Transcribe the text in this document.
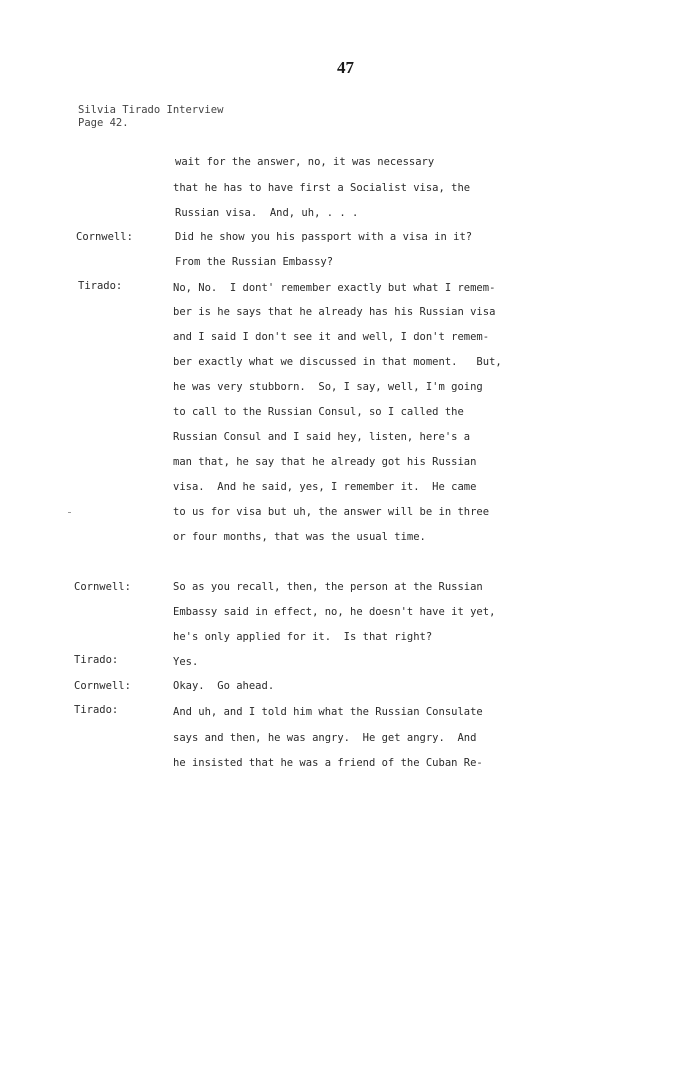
47
Silvia Tirado Interview
Page 42.
wait for the answer, no, it was necessary
that he has to have first a Socialist visa, the
Russian visa.  And, uh, . . .
Cornwell:	Did he show you his passport with a visa in it?
From the Russian Embassy?
Tirado:	No, No.  I dont' remember exactly but what I remem-
ber is he says that he already has his Russian visa
and I said I don't see it and well, I don't remem-
ber exactly what we discussed in that moment.   But,
he was very stubborn.  So, I say, well, I'm going
to call to the Russian Consul, so I called the
Russian Consul and I said hey, listen, here's a
man that, he say that he already got his Russian
visa.  And he said, yes, I remember it.  He came
to us for visa but uh, the answer will be in three
or four months, that was the usual time.
Cornwell:	So as you recall, then, the person at the Russian
Embassy said in effect, no, he doesn't have it yet,
he's only applied for it.  Is that right?
Tirado:	Yes.
Cornwell:	Okay.  Go ahead.
Tirado:	And uh, and I told him what the Russian Consulate
says and then, he was angry.  He get angry.  And
he insisted that he was a friend of the Cuban Re-
